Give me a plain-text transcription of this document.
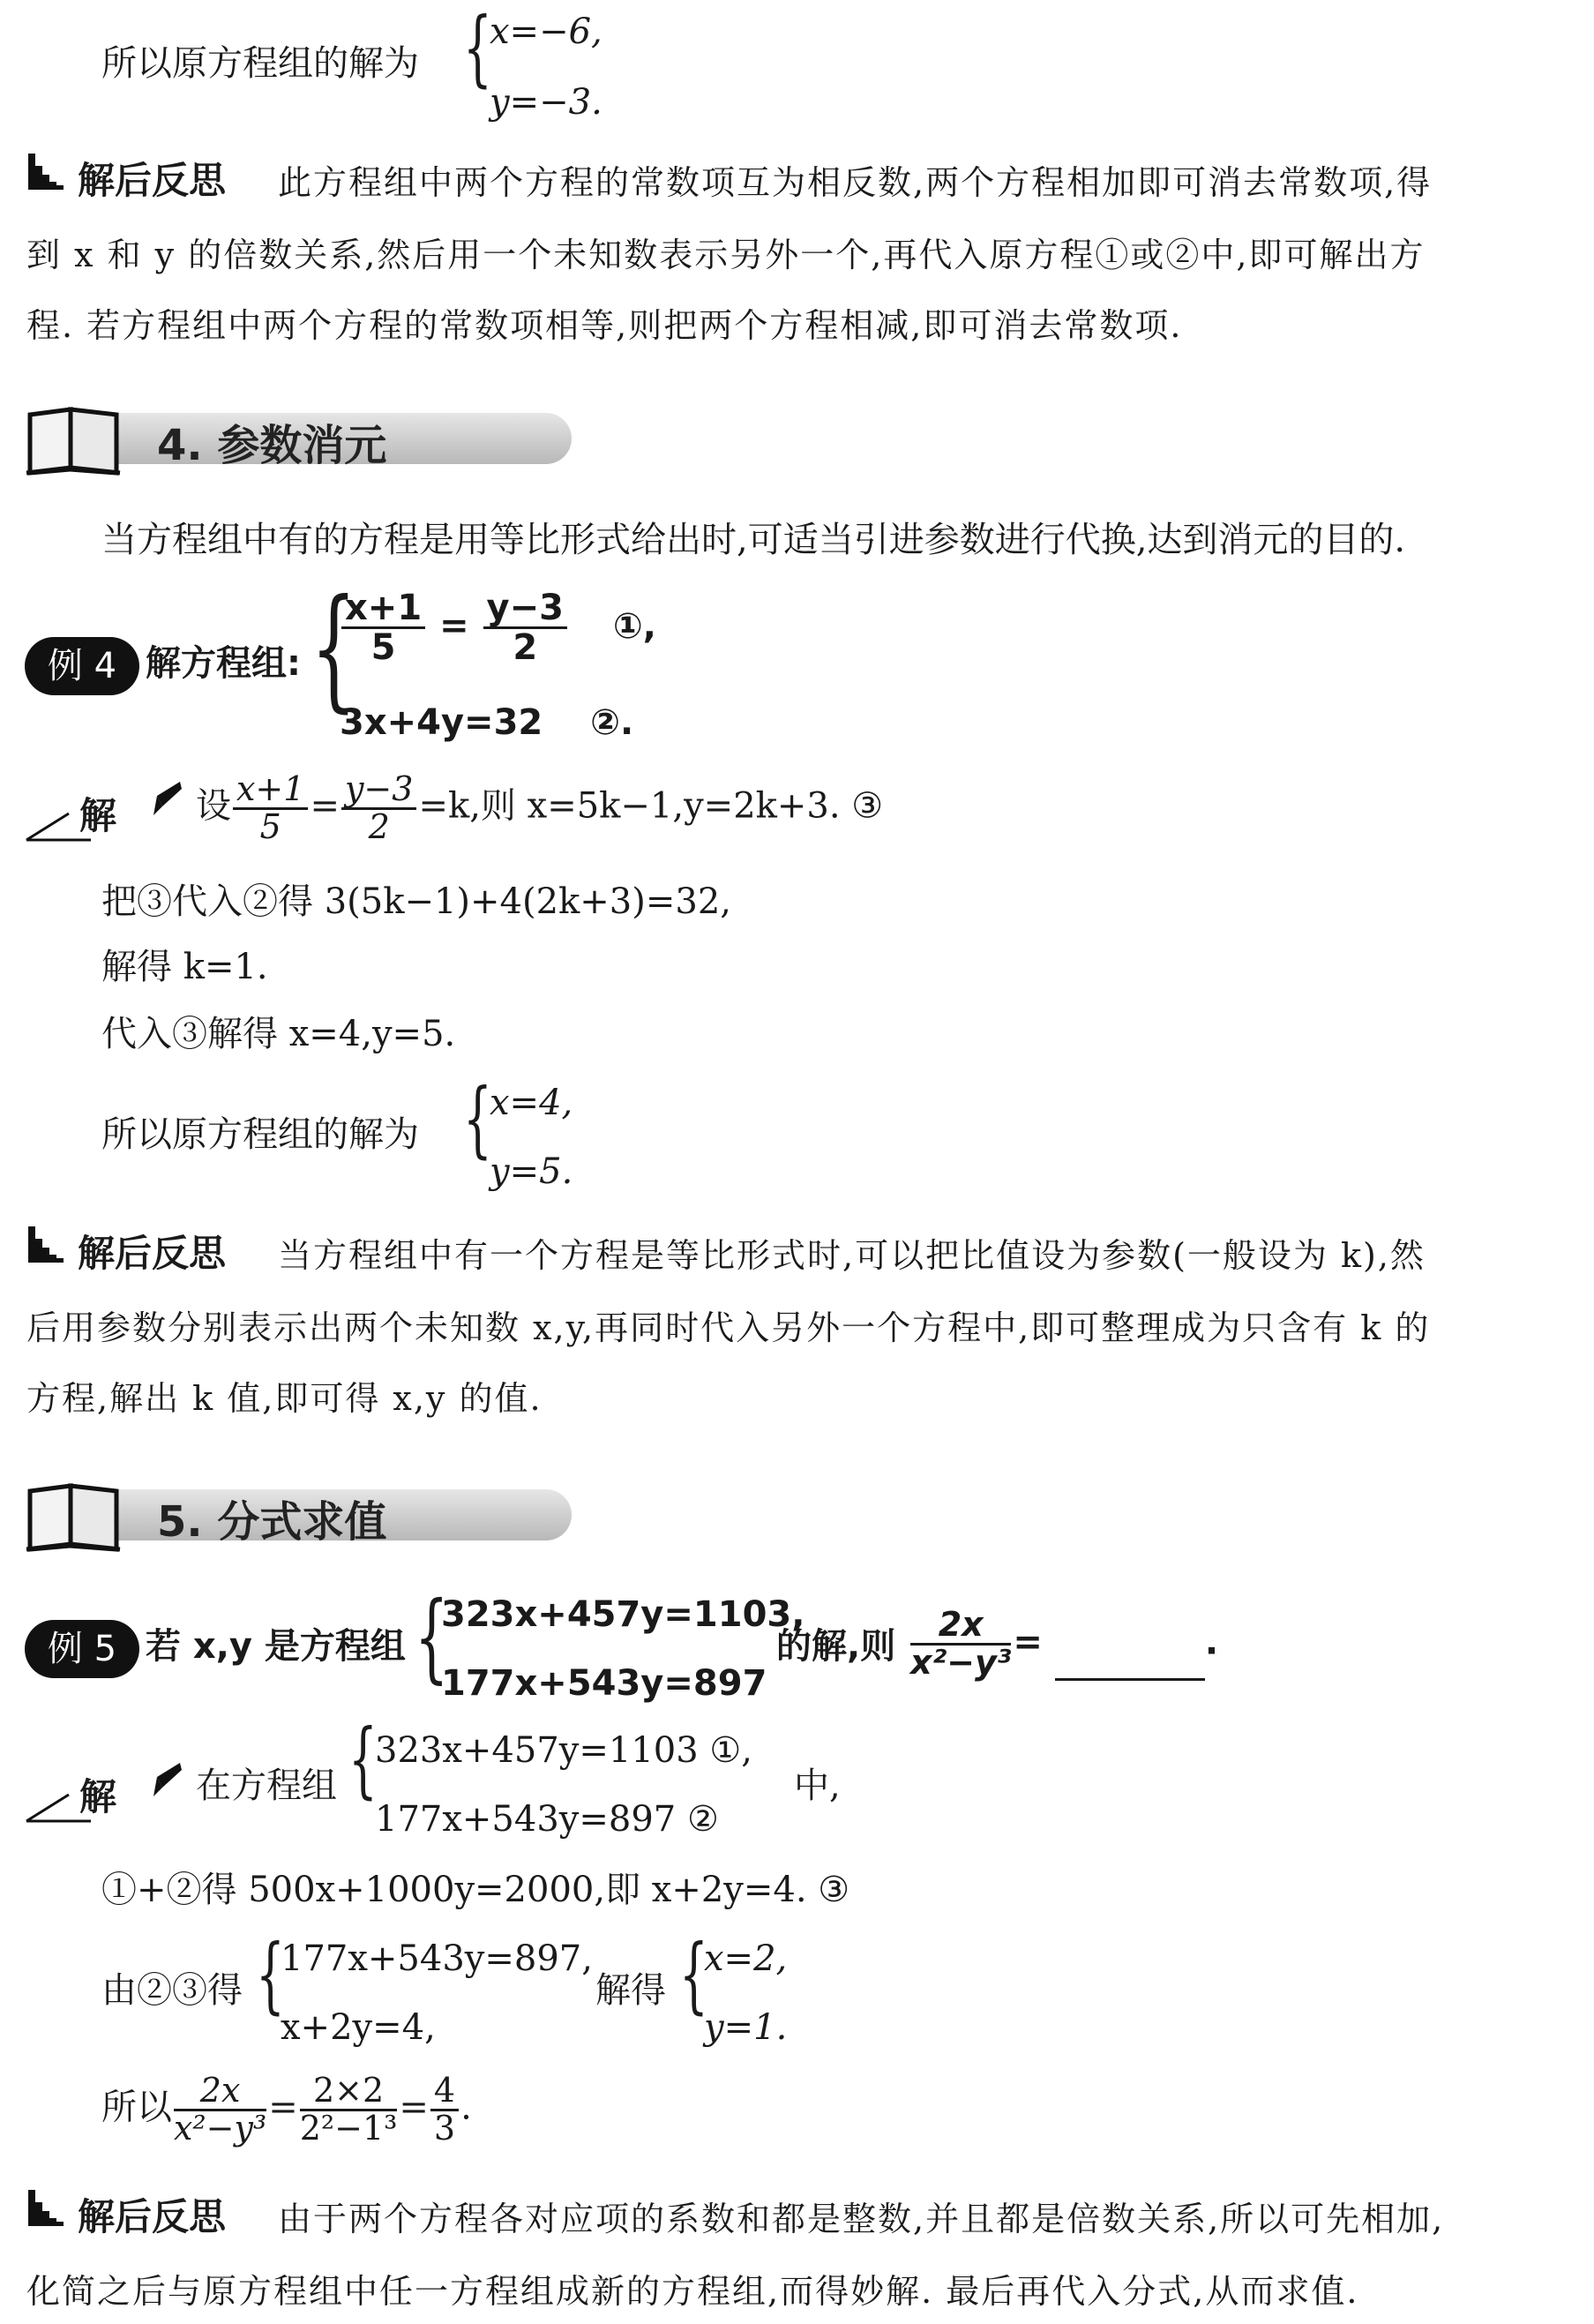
所以原方程组的解为 {
x=−6,
y=−3.
解后反思 此方程组中两个方程的常数项互为相反数,两个方程相加即可消去常数项,得
到 x 和 y 的倍数关系,然后用一个未知数表示另外一个,再代入原方程①或②中,即可解出方
程. 若方程组中两个方程的常数项相等,则把两个方程相减,即可消去常数项.
4. 参数消元
当方程组中有的方程是用等比形式给出时,可适当引进参数进行代换,达到消元的目的.
例 4 解方程组: {
$\frac{x+1}{5} = \frac{y-3}{2}$ ①,
3x+4y=32 ②.
解 设 $\frac{x+1}{5} = \frac{y-3}{2} =k$,则 x=5k−1,y=2k+3. ③
把③代入②得 3(5k−1)+4(2k+3)=32,
解得 k=1.
代入③解得 x=4,y=5.
所以原方程组的解为 {
x=4,
y=5.
解后反思 当方程组中有一个方程是等比形式时,可以把比值设为参数(一般设为 k),然
后用参数分别表示出两个未知数 x,y,再同时代入另外一个方程中,即可整理成为只含有 k 的
方程,解出 k 值,即可得 x,y 的值.
5. 分式求值
例 5 若 x,y 是方程组 {
323x+457y=1103,
177x+543y=897
的解,则 $\frac{2x}{\text{x²−y³}}$ =	.
解 在方程组 {
323x+457y=1103 ①,
177x+543y=897 ②
中,
①+②得 500x+1000y=2000,即 x+2y=4. ③
由②③得 {
177x+543y=897,
x+2y=4,
解得 {
x=2,
y=1.
所以 $\frac{2x}{\text{x²−y³}} = \frac{2\times 2}{\text{2²−1³}} = \frac{4}{3}$ .
解后反思 由于两个方程各对应项的系数和都是整数,并且都是倍数关系,所以可先相加,
化简之后与原方程组中任一方程组成新的方程组,而得妙解. 最后再代入分式,从而求值.
